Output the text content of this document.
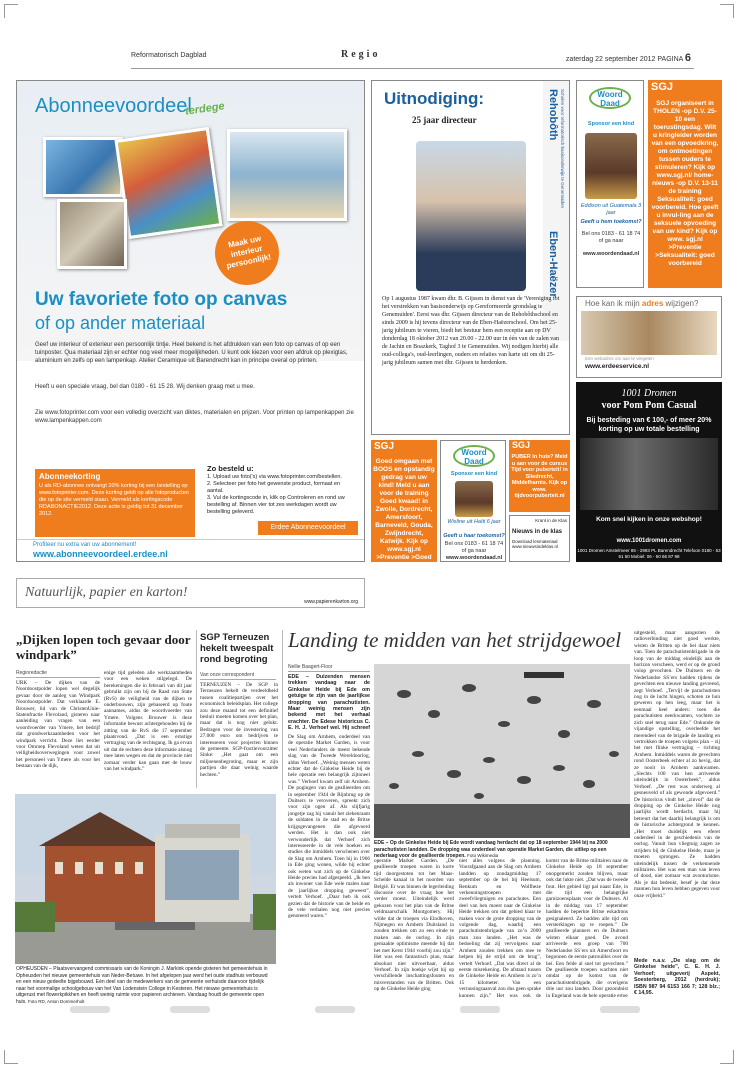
Reformatorisch Dagblad	Regio	zaterdag 22 september 2012 PAGINA 6
Abonneevoordeel
terdege
Maak uw interieur persoonlijk!
Uw favoriete foto op canvas
of op ander materiaal
Geef uw interieur of exterieur een persoonlijk tintje. Heel bekend is het afdrukken van een foto op canvas of op een tuinposter. Qua materiaal zijn er echter nog veel meer mogelijkheden. U kunt ook kiezen voor een afdruk op plexiglas, aluminium en zelfs op een lampenkap. Atelier Ceramique uit Barendrecht kan in principe overal op printen.
Heeft u een speciale vraag, bel dan 0180 - 61 15 28. Wij denken graag met u mee.
Zie www.fotoprinter.com voor een volledig overzicht van diktes, materialen en prijzen. Voor printen op lampenkappen zie www.lampenkappen.com
Abonneekorting
U als RD-abonnee ontvangt 20% korting bij een bestelling op www.fotoprinter.com. Deze korting geldt op alle fotoproducten die op de site vermeld staan. Vermeld als kortingscode RDABONACTIE2012. Deze actie is geldig tot 31 december 2012.
Zo besteld u:
1. Upload uw foto('s) via www.fotoprinter.com/bestellen.
2. Selecteer per foto het gewenste product, formaat en aantal.
3. Vul de kortingscode in, klik op Controleren en rond uw bestelling af. Binnen vier tot zes werkdagen wordt uw bestelling geleverd.
Erdee Abonneevoordeel
Profiteer nu extra van uw abonnement!
www.abonneevoordeel.erdee.nl
Uitnodiging:
25 jaar directeur	Rehobôth
Eben-Haëzer
Scholen voor reformatorisch basisonderwijs te Genemuiden
Op 1 augustus 1987 kwam dhr. B. Gijssen in dienst van de 'Vereniging tot het verstrekken van basisonderwijs op Gereformeerde grondslag te Genemuiden'. Eerst was dhr. Gijssen directeur van de Rehobôthschool en sinds 2009 is hij tevens directeur van de Eben-Haëzerschool. Om het 25-jarig jubileum te vieren, biedt het bestuur hem een receptie aan op DV donderdag 18 oktober 2012 van 20.00 - 22.00 uur in één van de zalen van de Jachin en Boazkerk, Taghof 3 te Genemuiden. Wij nodigen hierbij alle oud-collega's, oud-leerlingen, ouders en relaties van harte uit om dit 25-jarig jubileum samen met dhr. Gijssen te herdenken.
Woord Daad
Sponsor een kind
Eddison uit Guatemala 3 jaar
Geeft u hem toekomst?
Bel ons 0183 - 61 18 74 of ga naar
www.woordendaad.nl
SGJ
SGJ organiseert in THOLEN -op D.V. 25-10 een toerustingsdag. Wilt u kringleider worden van een opvoedkring, om ontmoetingen tussen ouders te stimuleren? Kijk op www.sgj.nl/ home-nieuws -op D.V. 13-11 de training Seksualiteit: goed voorbereid. Hoe geeft u invul-ling aan de seksuele opvoeding van uw kind? Kijk op www. sgj.nl >Preventie >Seksualiteit: goed voorbereid
Hoe kan ik mijn adres wijzigen?
Een webadres om aan te vergeten
www.erdeeservice.nl
1001 Dromen
voor Pom Pom Casual
Bij besteding van € 100,- of meer 20% korting op uw totale bestelling
Kom snel kijken in onze webshop!
www.1001dromen.com
1001 Dromen Amstelmeer 85 - 2993 PL Barendrecht Telefoon 0180 - 53 61 50 Mobiel: 06 - 50 66 87 98
SGJ
Goed omgaan met BOOS en opstandig gedrag van uw kind! Meld u aan voor de training Goed kwaad! in Zwolle, Dordrecht, Amersfoort, Barneveld, Gouda, Zwijndrecht, Katwijk. Kijk op www.sgj.nl >Preventie >Goed kwaad!
Woord Daad
Sponsor een kind
Wisline uit Haïti 6 jaar
Geeft u haar toekomst?
Bel ons 0183 - 61 18 74 of ga naar
www.woordendaad.nl
SGJ
PUBER in huis? Meld u aan voor de cursus Tijd voor puberteit! in Sliedrecht, Middelharnis. Kijk op www. tijdvoorpuberteit.nl
Krant in de Klas
Nieuws in de klas
Download lesmateriaal
www.nieuwsindeklas.nl
Natuurlijk, papier en karton!
www.papierenkarton.org
„Dijken lopen toch gevaar door windpark”
Regioredactie
URK – De dijken van de Noordoostpolder lopen wel degelijk gevaar door de aanleg van Windpark Noordoostpolder. Dat verklaarde E. Brouwer, lid van de ChristenUnie-Statenfractie Flevoland, gisteren naar aanleiding van vragen van een woordvoerder van Ymere, het bedrijf dat grondwerkzaamheden voor het windpark verricht. Deze liet eerder voor Omroep Flevoland weten dat uit veiligheidsoverwegingen voor zowel het personeel van Ymere als voor het bestaan van de dijk,
enige tijd geleden alle werkzaamheden voor een weken stilgelegd. De berekeningen die in februari van dit jaar gebruikt zijn om bij de Raad van State (RvS) de veiligheid van de dijken te onderbouwen, zijn gebaseerd op foute aannames, aldus de woordvoerder van Ymere. Volgens Brouwer is deze informatie bewust achtergehouden bij de zitting van de RvS die 17 september plaatsvond. „Dat is een ernstige vertraging van de rechtsgang. Ik ga ervan uit dat de rechters deze informatie alsnog mee laten wegen en dat de provincie niet zomaar verder kan gaan met de bouw van het windpark.”
SGP Terneuzen hekelt tweespalt rond begroting
Van onze correspondent
TERNEUZEN – De SGP in Terneuzen hekelt de verdeeldheid tussen coalitiepartijen over het economisch beleidsplan. Het college zou deze maand tot een definitief besluit moeten komen over het plan, maar dat is nog niet gelukt. Bedragen voor de investering van 27.000 euro om bedrijven te interesseren voor projecten binnen de gemeente. SGP-fractievoorzitter Sinke: „Het gaat om een miljoenenbegroting, maar er zijn partijen die daar weinig waarde hechten.”
OPHEUSDEN – Plaatsvervangend commissaris van de Koningin J. Markink opende gisteren het gemeentehuis in Opheusden het nieuwe gemeentehuis van Neder-Betuwe. In het afgelopen jaar werd het oude stadhuis verbouwd en een nieuw gedeelte bijgebouwd. Eén deel van de medewerkers van de gemeente verhuisde daarvoor tijdelijk naar het voormalige schoolgebouw van het Van Lodenstein College in Kesteren. Het nieuwe gemeentehuis is uitgerust met flowerkpikkhen en heeft weinig ruimte voor papieren archieven. Vandaag houdt de gemeente open huis. Foto RD, Anton Dommerholt
Landing te midden van het strijdgewoel
Nellie Baagert-Floor
EDE – Duizenden mensen trekken vandaag naar de Ginkelse Heide bij Ede om getuige te zijn van de jaarlijkse dropping van parachutisten. Maar weinig mensen zijn bekend met het verhaal erachter. De Edese historicus C. E. H. J. Verhoef wel. Hij schreef
De Slag om Arnhem, onderdeel van de operatie Market Garden, is voor veel Nederlanders de meest bekende slag van de Tweede Wereldoorlog, aldus Verhoef. „Weinig mensen weten echter dat de Ginkelse Heide bij de hele operatie een belangrijk zijtoneel was.” Verhoef kwam zelf uit Arnhem. De pogingen van de geallieerden om in september 1944 de Rijnbrug op de Duitsers te veroveren, spreekt zich voor zijn ogen af. Als slijfjarig jongetje zag hij vanuit het ziekenraam de soldaten in de stad en de Britse krijgsgevangenen die afgevoerd werden. Het is dan ook niet verwonderlijk dat Verhoef zich interesseerde in de vele boeken en studies die inmiddels verschenen over de Slag om Arnhem. Toen hij in 1966 in Ede ging wonen, wilde hij echter ook weten wat zich op de Ginkelse Heide precies had afgespeeld. „Ik ben als inwoner van Ede wele malen naar de jaarlijkse dropping geweest”, vertelt Verhoef. „Daar heb ik ook gezien dat de historie van de heide en de vele verhalen nog niet precies genoteerd waren.”
EDE – Op de Ginkelse Heide bij Ede wordt vandaag herdacht dat op 18 september 1944 bij na 2000 parachutisten landden. De dropping was onderdeel van operatie Market Garden, die uitliep op een nederlaag voor de geallieerde troepen. Foto Wikimedia
operatie Market Garden. „De geallieerde troepen waren in korte tijd doorgestoten tot het Maas-Schelde kanaal in het noorden van België. Er was binnen de legerleiding discussie over de vraag hoe het verder moest. Uiteindelijk werd gekozen voor het plan van de Britse veldmaarschalk Montgomery. Hij wilde dat de troepen via Eindhoven, Nijmegen en Arnhem Duitsland in zouden trekken om zo een einde te maken aan de oorlog. In zijn gemaakte optimisme meende hij dat het met Kerst 1944 voorbij zou zijn.” Het was een fantastisch plan, maar absoluut niet uitvoerbaar, aldus Verhoef. In zijn boekje wijst hij op verschillende inschattingsfouten en misverstanden van de Britten. Ook op de Ginkelse Heide ging
niet alles volgens de planning. Voorafgaand aan de Slag om Arnhem landden op zondagmiddag 17 september op de hei bij Heelsum, Renkum en Wolfheze verkenningstroepen met zweefvliegtuigen en parachutes. Een deel van hen moest naar de Ginkelse Heide trekken om dat gebied klaar te maken voor de grote dropping van de volgende dag, waarbij een parachutistenbrigade van zo’n 2000 man zou landen. „Het was de bedoeling dat zij vervolgens naar Arnhem zouden trekken om mee te helpen bij de strijd om de brug”, vertelt Verhoef. „Dat was direct al de eerste misrekening. De afstand tussen de Ginkelse Heide en Arnhem is zo’n 15 kilometer. Van een verrassingsaanval zou dus geen sprake kunnen zijn.” Het was ook de
komst van de Britse militairen naar de Ginkelse Heide op 18 september onopgemerkt zouden blijven, maar ook dat lukte niet. „Dat was de tweede fout. Het gebied ligt pal naast Ede, in die tijd een belangrijke garnizoensplaats voor de Duitsers. Al in de middag van 17 september hadden de beperkte Britse eskadrons gesignaleerd. Ze hadden alle tijd om versterkingen op te roepen.” De geallieerde planners en de Duitsers wisten elkaar goed. De avond arriveerde een groep van 700 Nederlandse SS’ers uit Amersfoort en begonnen de eerste patrouilles over de hei. Een felde al snel tot gevechten.” De geallieerde troepen wachten niet omdat op de komst van de parachutistenbrigade, die overigens drie uur zou landen. Door gezondnist in Engeland was de hele operatie ertoe
uitgesteld, maar aangezien de radioverbinding niet goed werkte, wisten de Britten op de hei daar niets van. Toen de parachutistenbrigade in de loop van de middag eindelijk aan de horizon verscheen, werd er op de grond volop gevochten. De Duitsers en de Nederlandse SS’ers hadden tijdens de gevechten een nieuwe landing gevreesd, zegt Verhoef. „Tervijl de parachutisten nog in de lucht hingen, schoten ze hun geweren op hen leeg, maar het is eenmaal heel anders: toen die parachutisten neerkwamen, vochten ze zich snel terug naar Ede.” Onkunde de vijandige opstelling, overleefde het merendeel van de brigade de landing en vertrokken de troepen volgens plan – zij het met flinke vertraging – richting Arnhem. Inmiddels waren de gevechten rond Oosterbeek echter al zo hevig, dat ze nooit in Arnhem aankwamen. „Slechts 100 van hen arriveerde uiteindelijk in Oosterbeek”, aldus Verhoef. „De rest was onderweg al gesneuveld of als gewonde afgevoerd.” De historicus vindt het „zinvol” dat de dropping op de Ginkelse Heide nog jaarlijks wordt herdacht, maar hij betreurt dat het daarbij belangrijk is om de historische achtergrond te kennen. „Het moet duidelijk een eferet onderdeel in de geschiedenis van de oorlog. Vanuit hun vliegtuig zagen ze strijders bij de Ginkelse Heide, maar je moeten sprongen. Ze hadden uiteindelijk tussen de verkennende militairen. Het was een man van leven of dood, niet zomaar wat avonturisme. Als je dat bedenkt, besef je dat deze mannen hun leven hebben gegeven voor onze vrijheid.”
Mede n.a.v. „De slag om de Ginkelse heide”, C. E. H. J. Verhoef; uitgeverij Aspekt, Soesterberg, 2012 (herdruk); ISBN 987 94 6153 166 7; 128 blz.; € 14,95.
